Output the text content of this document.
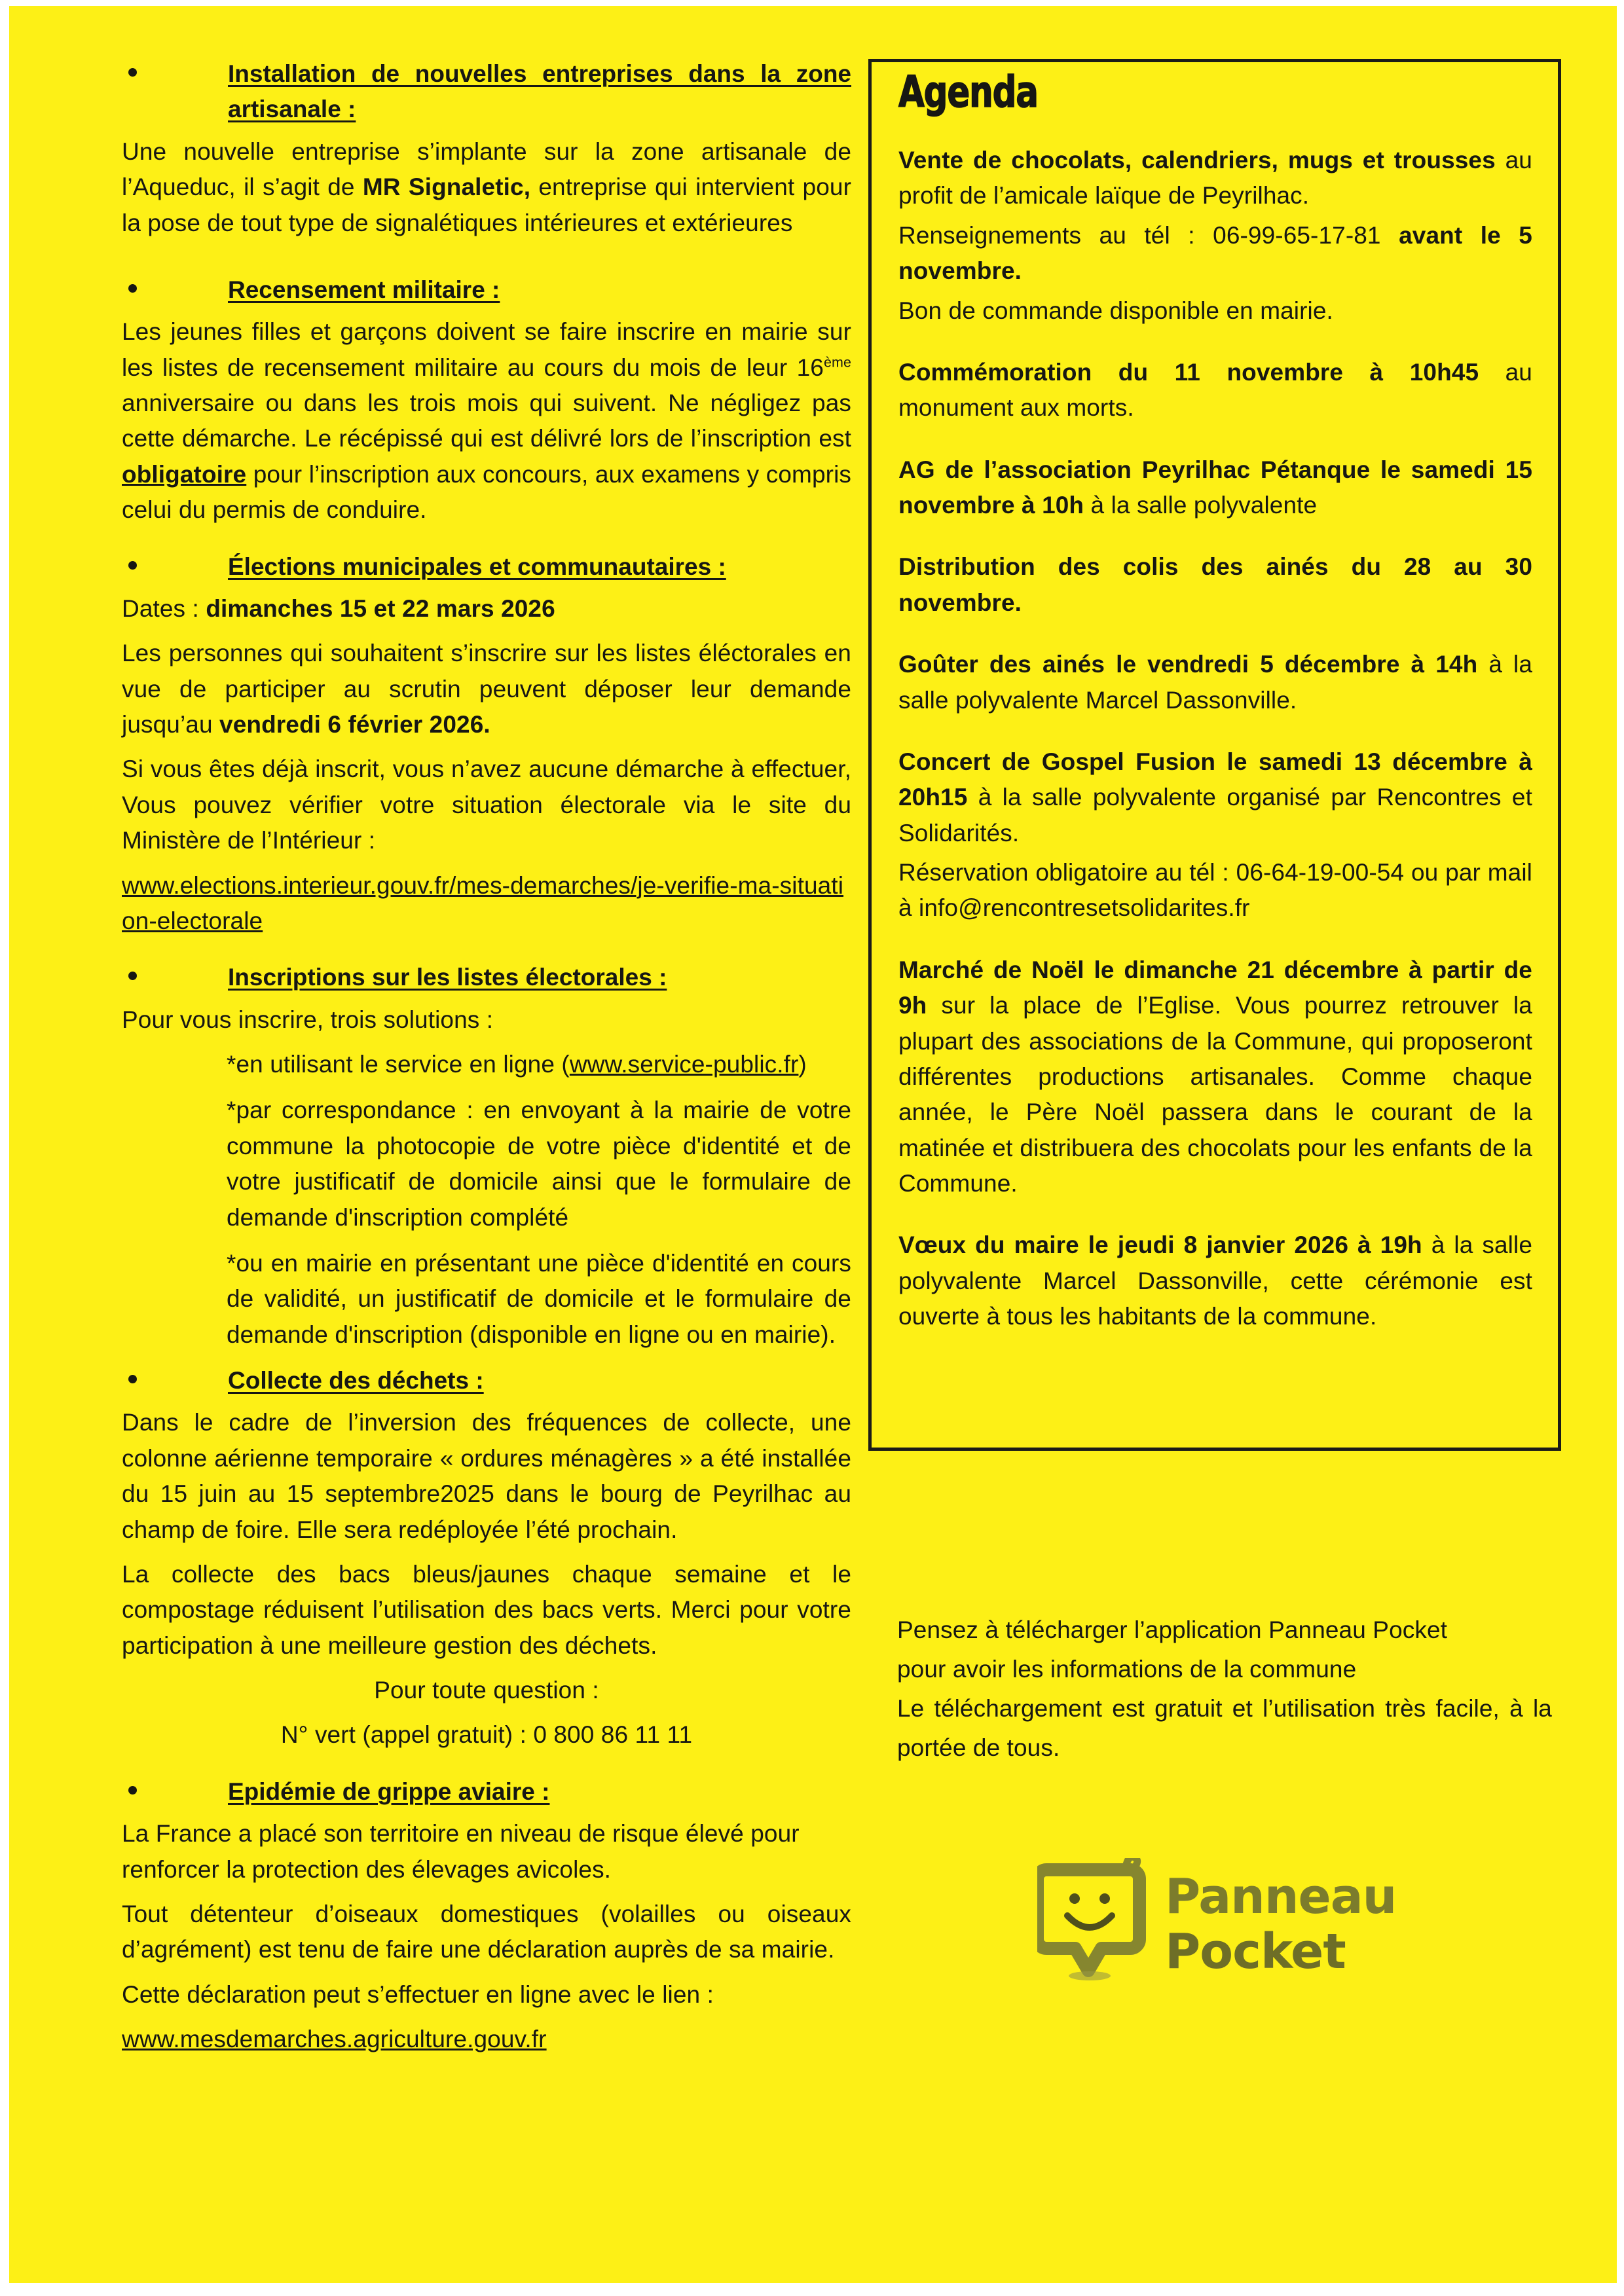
Installation de nouvelles entreprises dans la zone artisanale :

Une nouvelle entreprise s’implante sur la zone artisanale de l’Aqueduc, il s’agit de MR Signaletic, entreprise qui intervient pour la pose de tout type de signalétiques intérieures et extérieures

Recensement militaire :

Les jeunes filles et garçons doivent se faire inscrire en mairie sur les listes de recensement militaire au cours du mois de leur 16ème anniversaire ou dans les trois mois qui suivent. Ne négligez pas cette démarche. Le récépissé qui est délivré lors de l’inscription est obligatoire pour l’inscription aux concours, aux examens y compris celui du permis de conduire.

Élections municipales et communautaires :

Dates : dimanches 15 et 22 mars 2026

Les personnes qui souhaitent s’inscrire sur les listes éléctorales en vue de participer au scrutin peuvent déposer leur demande jusqu’au vendredi 6 février 2026.

Si vous êtes déjà inscrit, vous n’avez aucune démarche à effectuer, Vous pouvez vérifier votre situation électorale via le site du Ministère de l’Intérieur :

www.elections.interieur.gouv.fr/mes-demarches/je-verifie-ma-situation-electorale

Inscriptions sur les listes électorales :

Pour vous inscrire, trois solutions :

*en utilisant le service en ligne (www.service-public.fr)

*par correspondance : en envoyant à la mairie de votre commune la photocopie de votre pièce d'identité et de votre justificatif de domicile ainsi que le formulaire de demande d'inscription complété

*ou en mairie en présentant une pièce d'identité en cours de validité, un justificatif de domicile et le formulaire de demande d'inscription (disponible en ligne ou en mairie).

Collecte des déchets :

Dans le cadre de l’inversion des fréquences de collecte, une colonne aérienne temporaire « ordures ménagères » a été installée du 15 juin au 15 septembre2025 dans le bourg de Peyrilhac au champ de foire. Elle sera redéployée l’été prochain.

La collecte des bacs bleus/jaunes chaque semaine et le compostage réduisent l’utilisation des bacs verts. Merci pour votre participation à une meilleure gestion des déchets.

Pour toute question :

N° vert (appel gratuit) : 0 800 86 11 11

Epidémie de grippe aviaire :

La France a placé son territoire en niveau de risque élevé pour renforcer la protection des élevages avicoles.

Tout détenteur d’oiseaux domestiques (volailles ou oiseaux d’agrément) est tenu de faire une déclaration auprès de sa mairie.

Cette déclaration peut s’effectuer en ligne avec le lien :

www.mesdemarches.agriculture.gouv.fr

Agenda

Vente de chocolats, calendriers, mugs et trousses au profit de l’amicale laïque de Peyrilhac.

Renseignements au tél : 06-99-65-17-81 avant le 5 novembre.

Bon de commande disponible en mairie.

Commémoration du 11 novembre à 10h45 au monument aux morts.

AG de l’association Peyrilhac Pétanque le samedi 15 novembre à 10h à la salle polyvalente

Distribution des colis des ainés du 28 au 30 novembre.

Goûter des ainés le vendredi 5 décembre à 14h à la salle polyvalente Marcel Dassonville.

Concert de Gospel Fusion le samedi 13 décembre à 20h15 à la salle polyvalente organisé par Rencontres et Solidarités.

Réservation obligatoire au tél : 06-64-19-00-54 ou par mail à info@rencontresetsolidarites.fr

Marché de Noël le dimanche 21 décembre à partir de 9h sur la place de l’Eglise. Vous pourrez retrouver la plupart des associations de la Commune, qui proposeront différentes productions artisanales. Comme chaque année, le Père Noël passera dans le courant de la matinée et distribuera des chocolats pour les enfants de la Commune.

Vœux du maire le jeudi 8 janvier 2026 à 19h à la salle polyvalente Marcel Dassonville, cette cérémonie est ouverte à tous les habitants de la commune.

Pensez à télécharger l’application Panneau Pocket

pour avoir les informations de la commune

Le téléchargement est gratuit et l’utilisation très facile, à la portée de tous.

Panneau
Pocket
